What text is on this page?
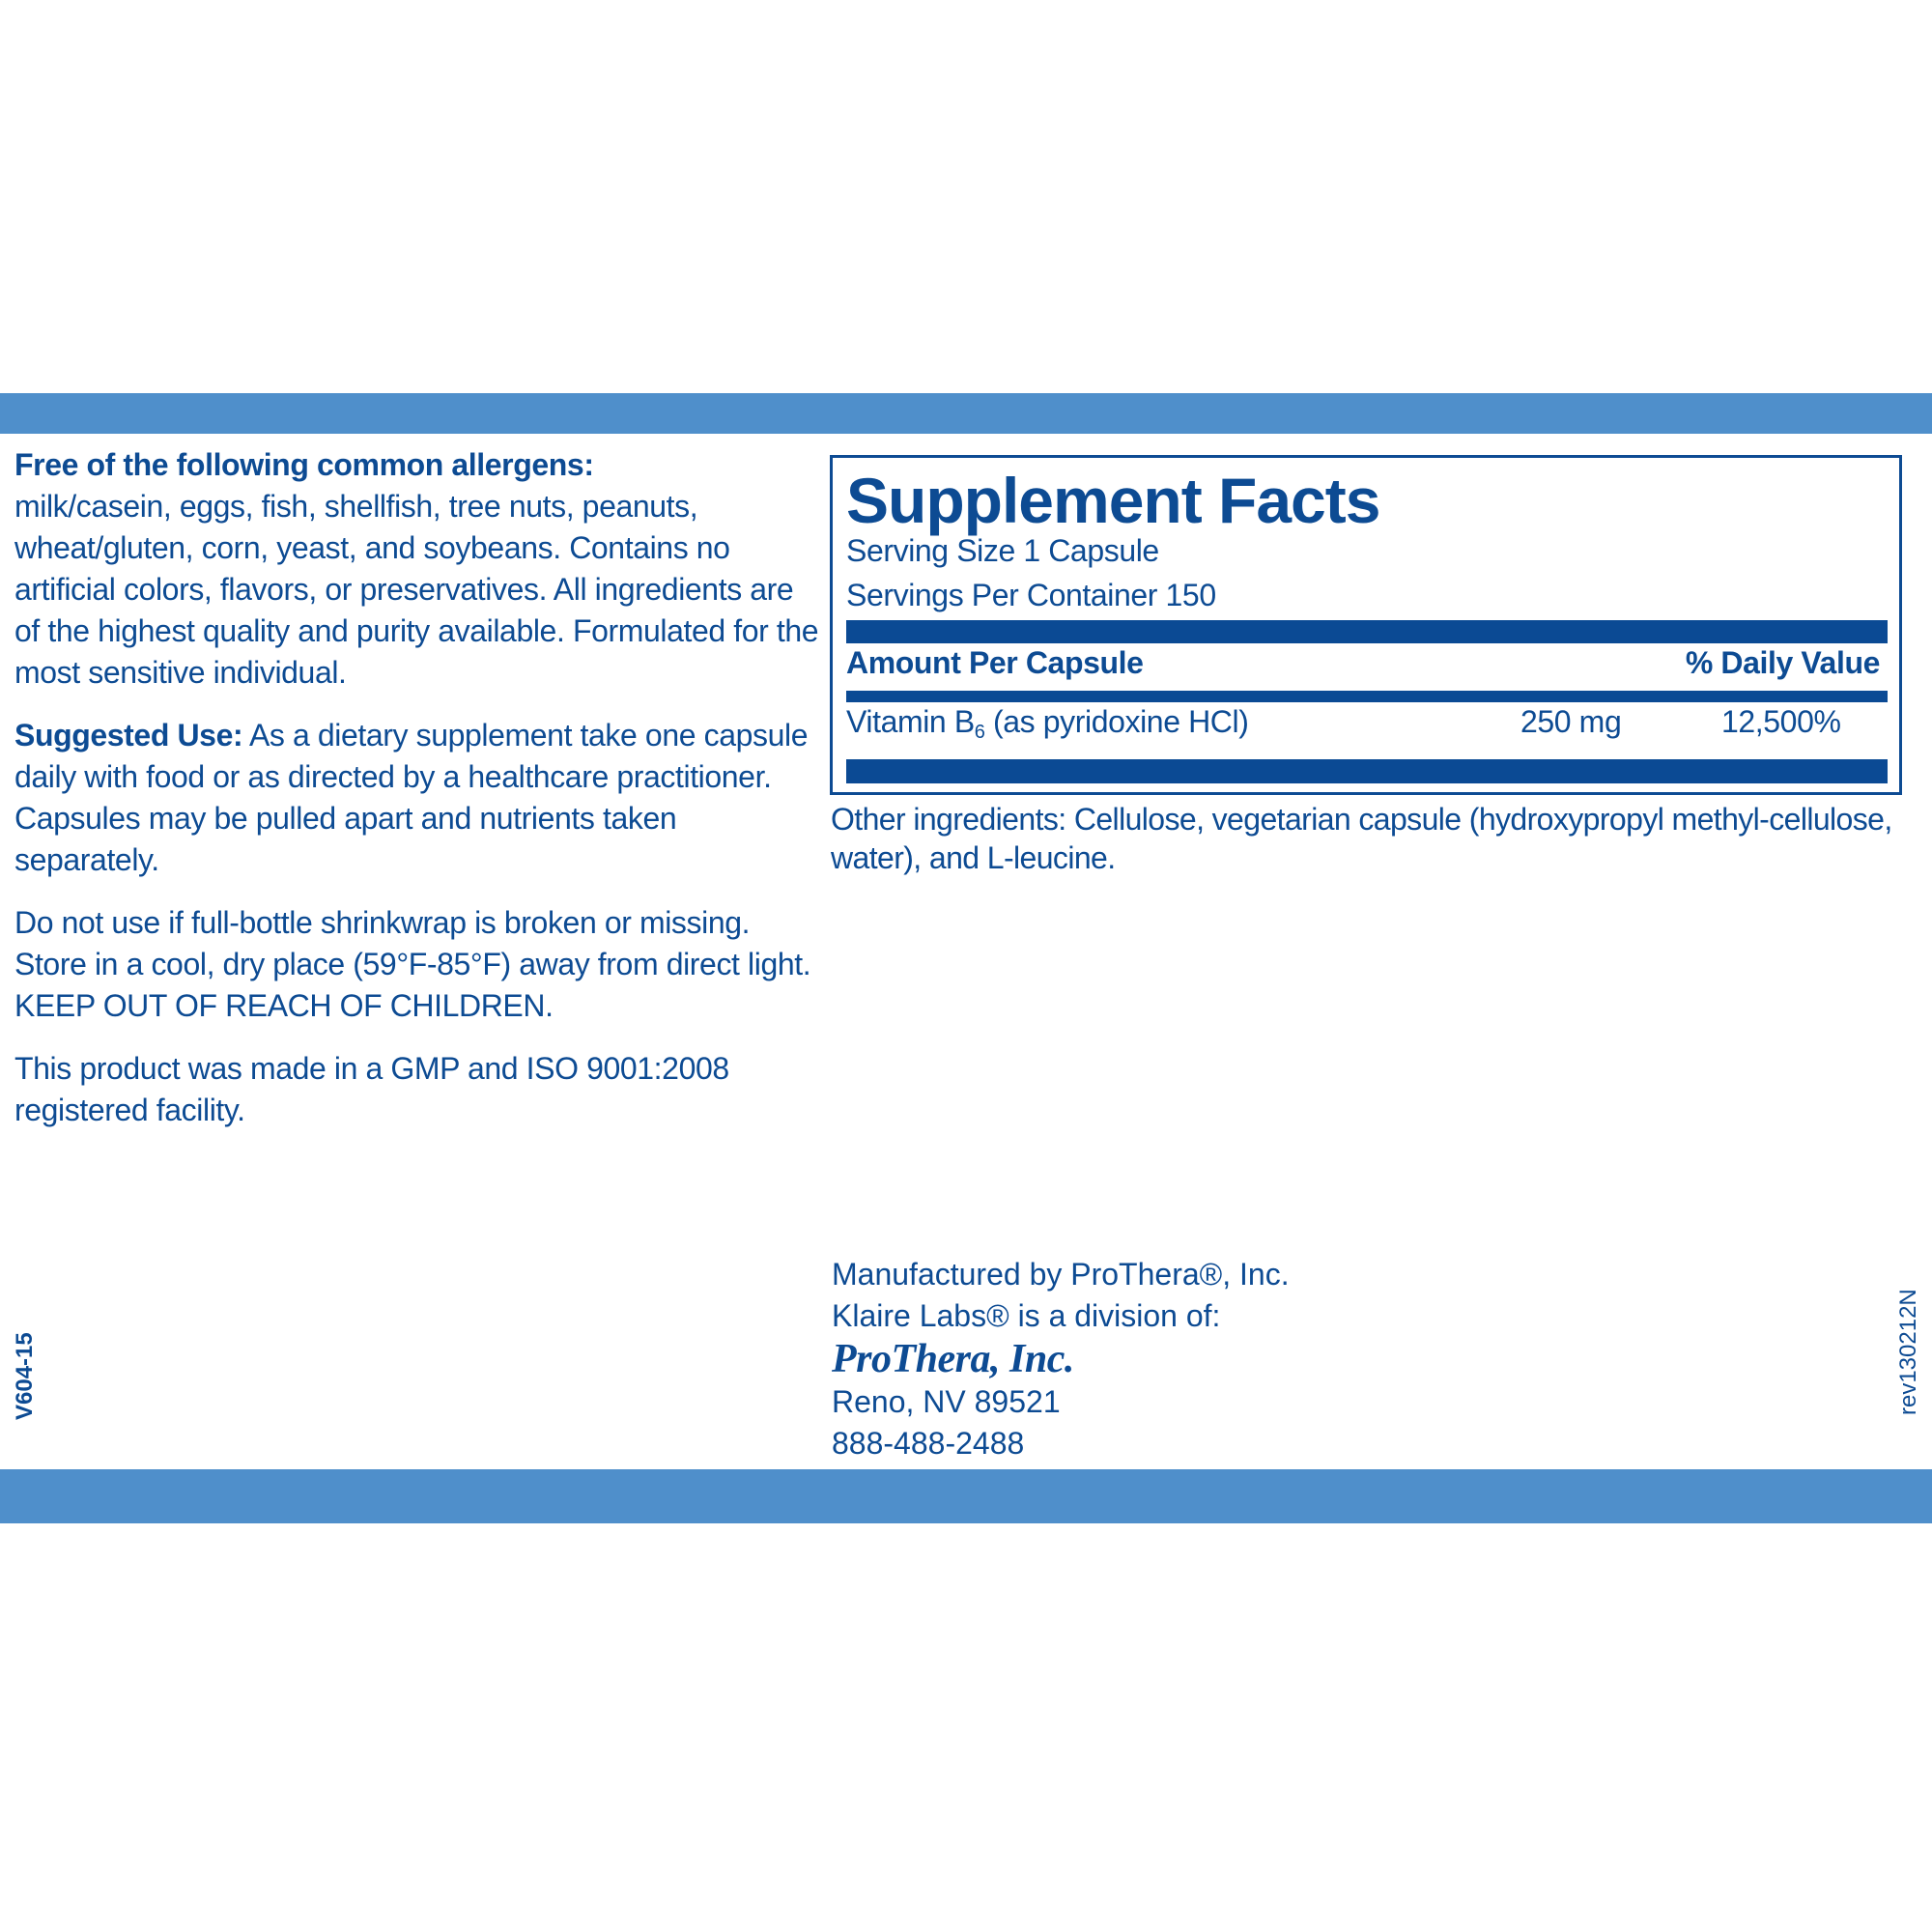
Free of the following common allergens:
milk/casein, eggs, fish, shellfish, tree nuts, peanuts, wheat/gluten, corn, yeast, and soybeans. Contains no artificial colors, flavors, or preservatives. All ingredients are of the highest quality and purity available. Formulated for the most sensitive individual.

Suggested Use: As a dietary supplement take one capsule daily with food or as directed by a healthcare practitioner. Capsules may be pulled apart and nutrients taken separately.

Do not use if full-bottle shrinkwrap is broken or missing. Store in a cool, dry place (59°F-85°F) away from direct light. KEEP OUT OF REACH OF CHILDREN.

This product was made in a GMP and ISO 9001:2008 registered facility.

Supplement Facts
Serving Size 1 Capsule
Servings Per Container 150
Amount Per Capsule	% Daily Value
Vitamin $B_6$ (as pyridoxine HCl)	250 mg	12,500%
Other ingredients: Cellulose, vegetarian capsule (hydroxypropyl methyl-cellulose, water), and L-leucine.
Manufactured by ProThera®, Inc.
Klaire Labs® is a division of:
ProThera, Inc.
Reno, NV 89521
888-488-2488
V604-15	rev130212N
